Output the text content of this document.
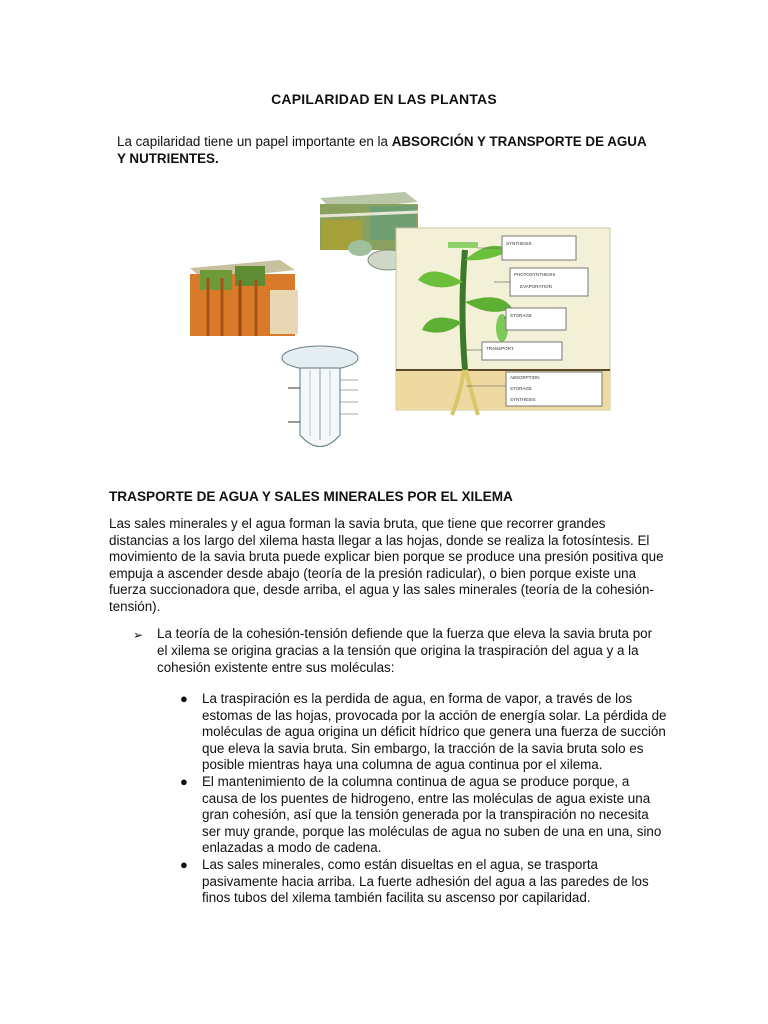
CAPILARIDAD EN LAS PLANTAS
La capilaridad tiene un papel importante en la ABSORCIÓN Y TRANSPORTE DE AGUA Y NUTRIENTES.
SYNTHESIS
PHOTOSYNTHESIS
EVAPORATION
STORAGE
TRANSPORT
ABSORPTION
STORAGE
SYNTHESIS
TRASPORTE DE AGUA Y SALES MINERALES POR EL XILEMA
Las sales minerales y el agua forman la savia bruta, que tiene que recorrer grandes distancias a los largo del xilema hasta llegar a las hojas, donde se realiza la fotosíntesis. El movimiento de la savia bruta puede explicar bien porque se produce una presión positiva que empuja a ascender desde abajo (teoría de la presión radicular), o bien porque existe una fuerza succionadora que, desde arriba, el agua y las sales minerales (teoría de la cohesión-tensión).
➢ La teoría de la cohesión-tensión defiende que la fuerza que eleva la savia bruta por el xilema se origina gracias a la tensión que origina la traspiración del agua y a la cohesión existente entre sus moléculas:
● La traspiración es la perdida de agua, en forma de vapor, a través de los estomas de las hojas, provocada por la acción de energía solar. La pérdida de moléculas de agua origina un déficit hídrico que genera una fuerza de succión que eleva la savia bruta. Sin embargo, la tracción de la savia bruta solo es posible mientras haya una columna de agua continua por el xilema.
● El mantenimiento de la columna continua de agua se produce porque, a causa de los puentes de hidrogeno, entre las moléculas de agua existe una gran cohesión, así que la tensión generada por la transpiración no necesita ser muy grande, porque las moléculas de agua no suben de una en una, sino enlazadas a modo de cadena.
● Las sales minerales, como están disueltas en el agua, se trasporta pasivamente hacia arriba. La fuerte adhesión del agua a las paredes de los finos tubos del xilema también facilita su ascenso por capilaridad.
